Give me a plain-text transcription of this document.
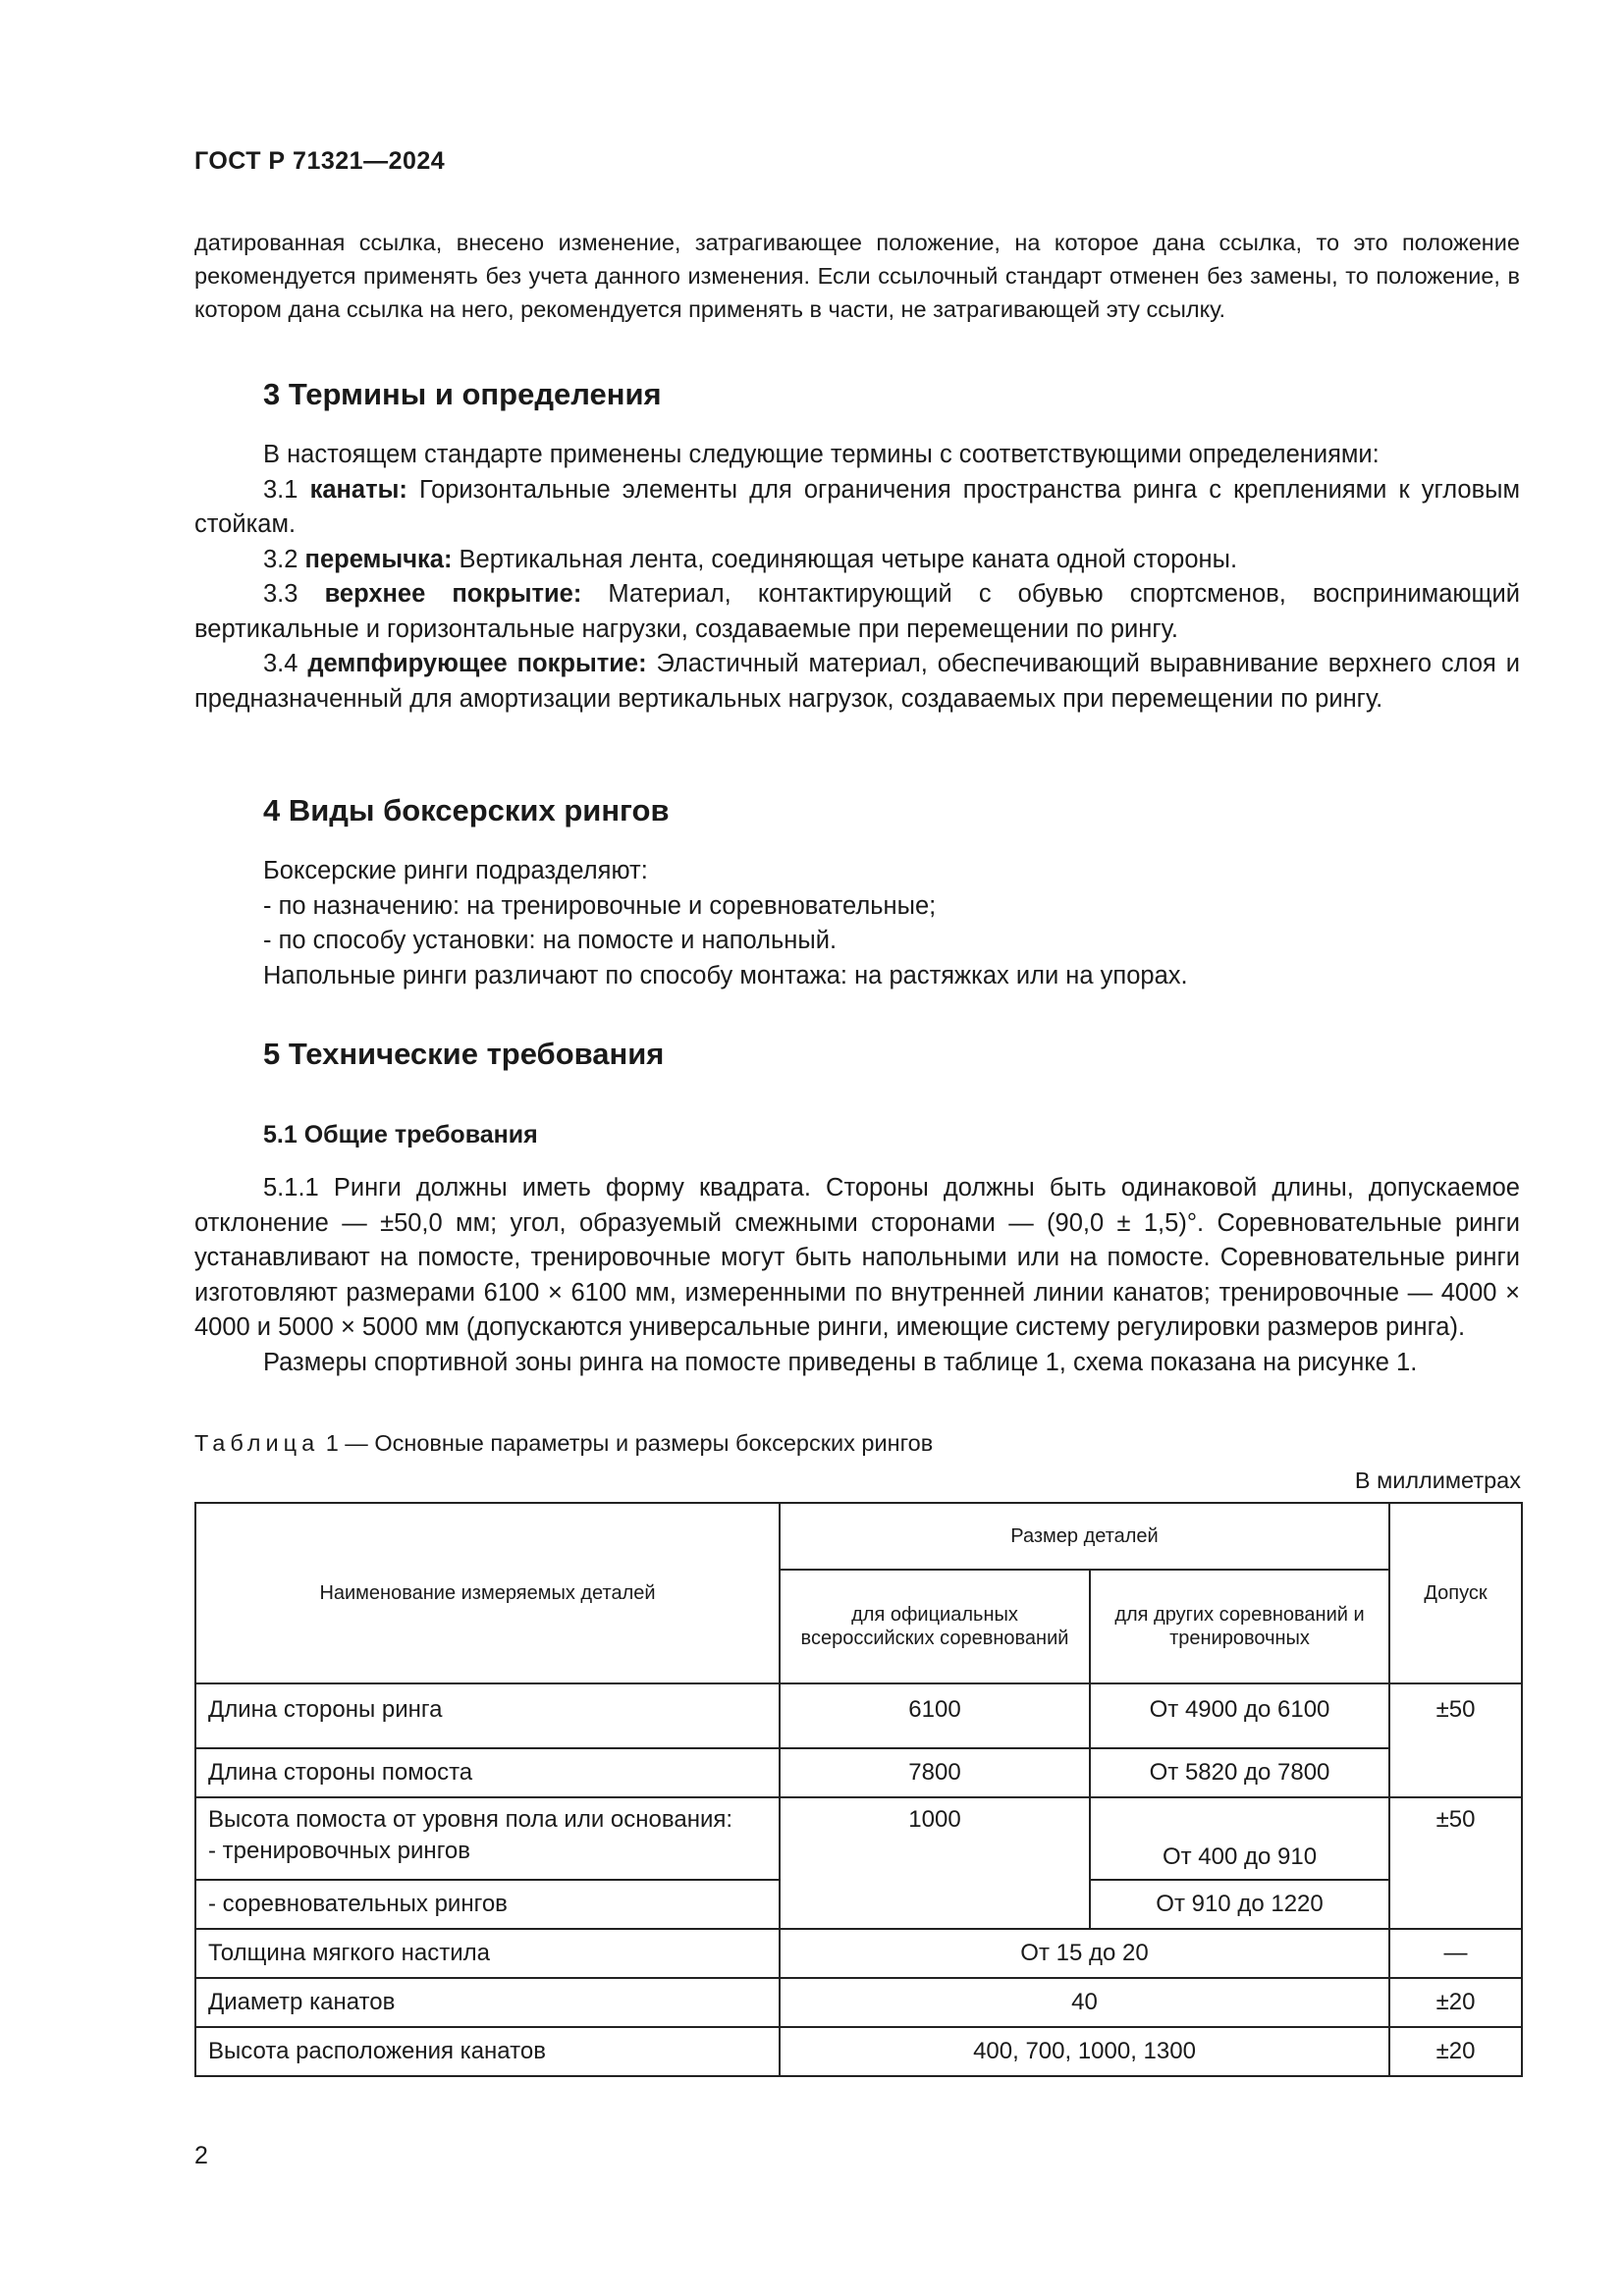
ГОСТ Р 71321—2024
датированная ссылка, внесено изменение, затрагивающее положение, на которое дана ссылка, то это положение рекомендуется применять без учета данного изменения. Если ссылочный стандарт отменен без замены, то положение, в котором дана ссылка на него, рекомендуется применять в части, не затрагивающей эту ссылку.
3 Термины и определения
В настоящем стандарте применены следующие термины с соответствующими определениями:
3.1 канаты: Горизонтальные элементы для ограничения пространства ринга с креплениями к угловым стойкам.
3.2 перемычка: Вертикальная лента, соединяющая четыре каната одной стороны.
3.3 верхнее покрытие: Материал, контактирующий с обувью спортсменов, воспринимающий вертикальные и горизонтальные нагрузки, создаваемые при перемещении по рингу.
3.4 демпфирующее покрытие: Эластичный материал, обеспечивающий выравнивание верхнего слоя и предназначенный для амортизации вертикальных нагрузок, создаваемых при перемещении по рингу.
4 Виды боксерских рингов
Боксерские ринги подразделяют:
- по назначению: на тренировочные и соревновательные;
- по способу установки: на помосте и напольный.
Напольные ринги различают по способу монтажа: на растяжках или на упорах.
5 Технические требования
5.1 Общие требования
5.1.1 Ринги должны иметь форму квадрата. Стороны должны быть одинаковой длины, допускаемое отклонение — ±50,0 мм; угол, образуемый смежными сторонами — (90,0 ± 1,5)°. Соревновательные ринги устанавливают на помосте, тренировочные могут быть напольными или на помосте. Соревновательные ринги изготовляют размерами 6100 × 6100 мм, измеренными по внутренней линии канатов; тренировочные — 4000 × 4000 и 5000 × 5000 мм (допускаются универсальные ринги, имеющие систему регулировки размеров ринга).
Размеры спортивной зоны ринга на помосте приведены в таблице 1, схема показана на рисунке 1.
Таблица 1 — Основные параметры и размеры боксерских рингов
В миллиметрах
Наименование измеряемых деталей	Размер деталей		Допуск
	для официальных всероссийских соревнований	для других соревнований и тренировочных	
Длина стороны ринга	6100	От 4900 до 6100	±50
Длина стороны помоста	7800	От 5820 до 7800	

Высота помоста от уровня пола или основания:
- тренировочных рингов	1000	От 400 до 910	±50
- соревновательных рингов		От 910 до 1220	
Толщина мягкого настила	От 15 до 20		—
Диаметр канатов	40		±20
Высота расположения канатов	400, 700, 1000, 1300		±20
2
